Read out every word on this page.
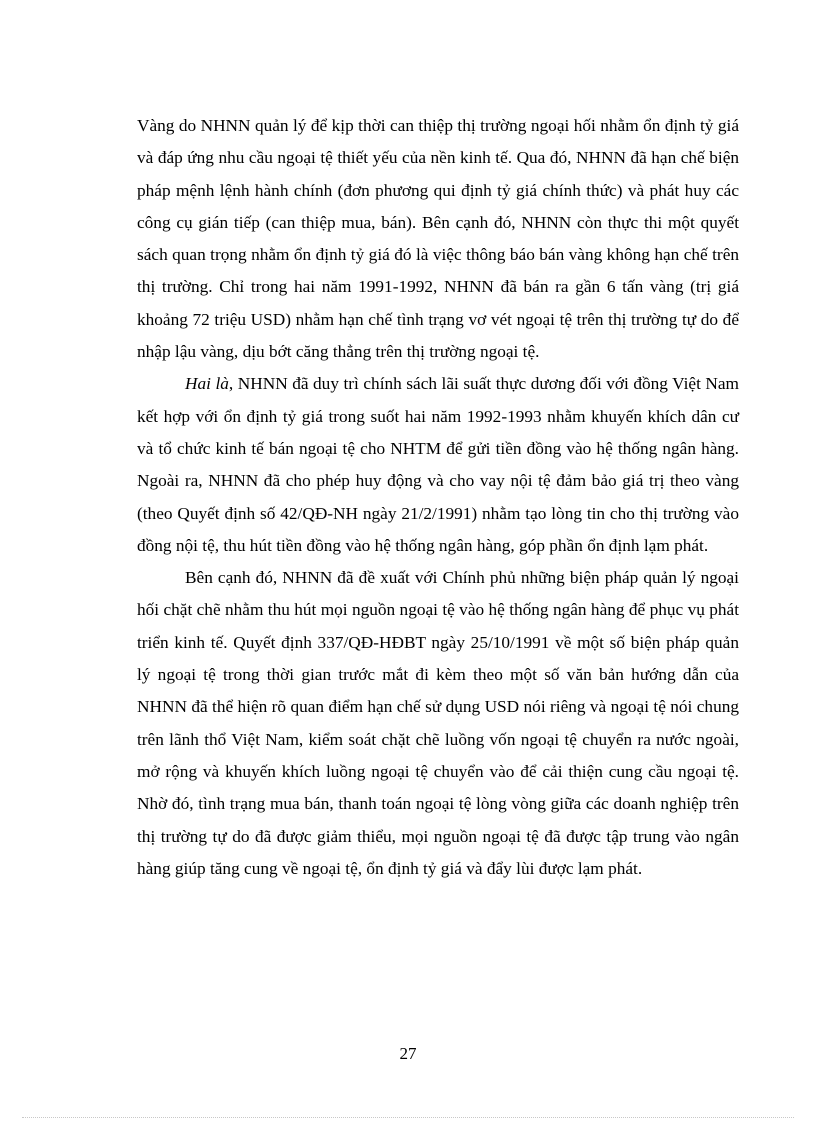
Vàng do NHNN quản lý để kịp thời can thiệp thị trường ngoại hối nhằm ổn định tỷ giá và đáp ứng nhu cầu ngoại tệ thiết yếu của nền kinh tế. Qua đó, NHNN đã hạn chế biện pháp mệnh lệnh hành chính (đơn phương qui định tỷ giá chính thức) và phát huy các công cụ gián tiếp (can thiệp mua, bán). Bên cạnh đó, NHNN còn thực thi một quyết sách quan trọng nhằm ổn định tỷ giá đó là việc thông báo bán vàng không hạn chế trên thị trường. Chỉ trong hai năm 1991-1992, NHNN đã bán ra gần 6 tấn vàng (trị giá khoảng 72 triệu USD) nhằm hạn chế tình trạng vơ vét ngoại tệ trên thị trường tự do để nhập lậu vàng, dịu bớt căng thẳng trên thị trường ngoại tệ.

Hai là, NHNN đã duy trì chính sách lãi suất thực dương đối với đồng Việt Nam kết hợp với ổn định tỷ giá trong suốt hai năm 1992-1993 nhằm khuyến khích dân cư và tổ chức kinh tế bán ngoại tệ cho NHTM để gửi tiền đồng vào hệ thống ngân hàng. Ngoài ra, NHNN đã cho phép huy động và cho vay nội tệ đảm bảo giá trị theo vàng (theo Quyết định số 42/QĐ-NH ngày 21/2/1991) nhằm tạo lòng tin cho thị trường vào đồng nội tệ, thu hút tiền đồng vào hệ thống ngân hàng, góp phần ổn định lạm phát.

Bên cạnh đó, NHNN đã đề xuất với Chính phủ những biện pháp quản lý ngoại hối chặt chẽ nhằm thu hút mọi nguồn ngoại tệ vào hệ thống ngân hàng để phục vụ phát triển kinh tế. Quyết định 337/QĐ-HĐBT ngày 25/10/1991 về một số biện pháp quản lý ngoại tệ trong thời gian trước mắt đi kèm theo một số văn bản hướng dẫn của NHNN đã thể hiện rõ quan điểm hạn chế sử dụng USD nói riêng và ngoại tệ nói chung trên lãnh thổ Việt Nam, kiểm soát chặt chẽ luồng vốn ngoại tệ chuyển ra nước ngoài, mở rộng và khuyến khích luồng ngoại tệ chuyển vào để cải thiện cung cầu ngoại tệ. Nhờ đó, tình trạng mua bán, thanh toán ngoại tệ lòng vòng giữa các doanh nghiệp trên thị trường tự do đã được giảm thiểu, mọi nguồn ngoại tệ đã được tập trung vào ngân hàng giúp tăng cung về ngoại tệ, ổn định tỷ giá và đẩy lùi được lạm phát.

27
